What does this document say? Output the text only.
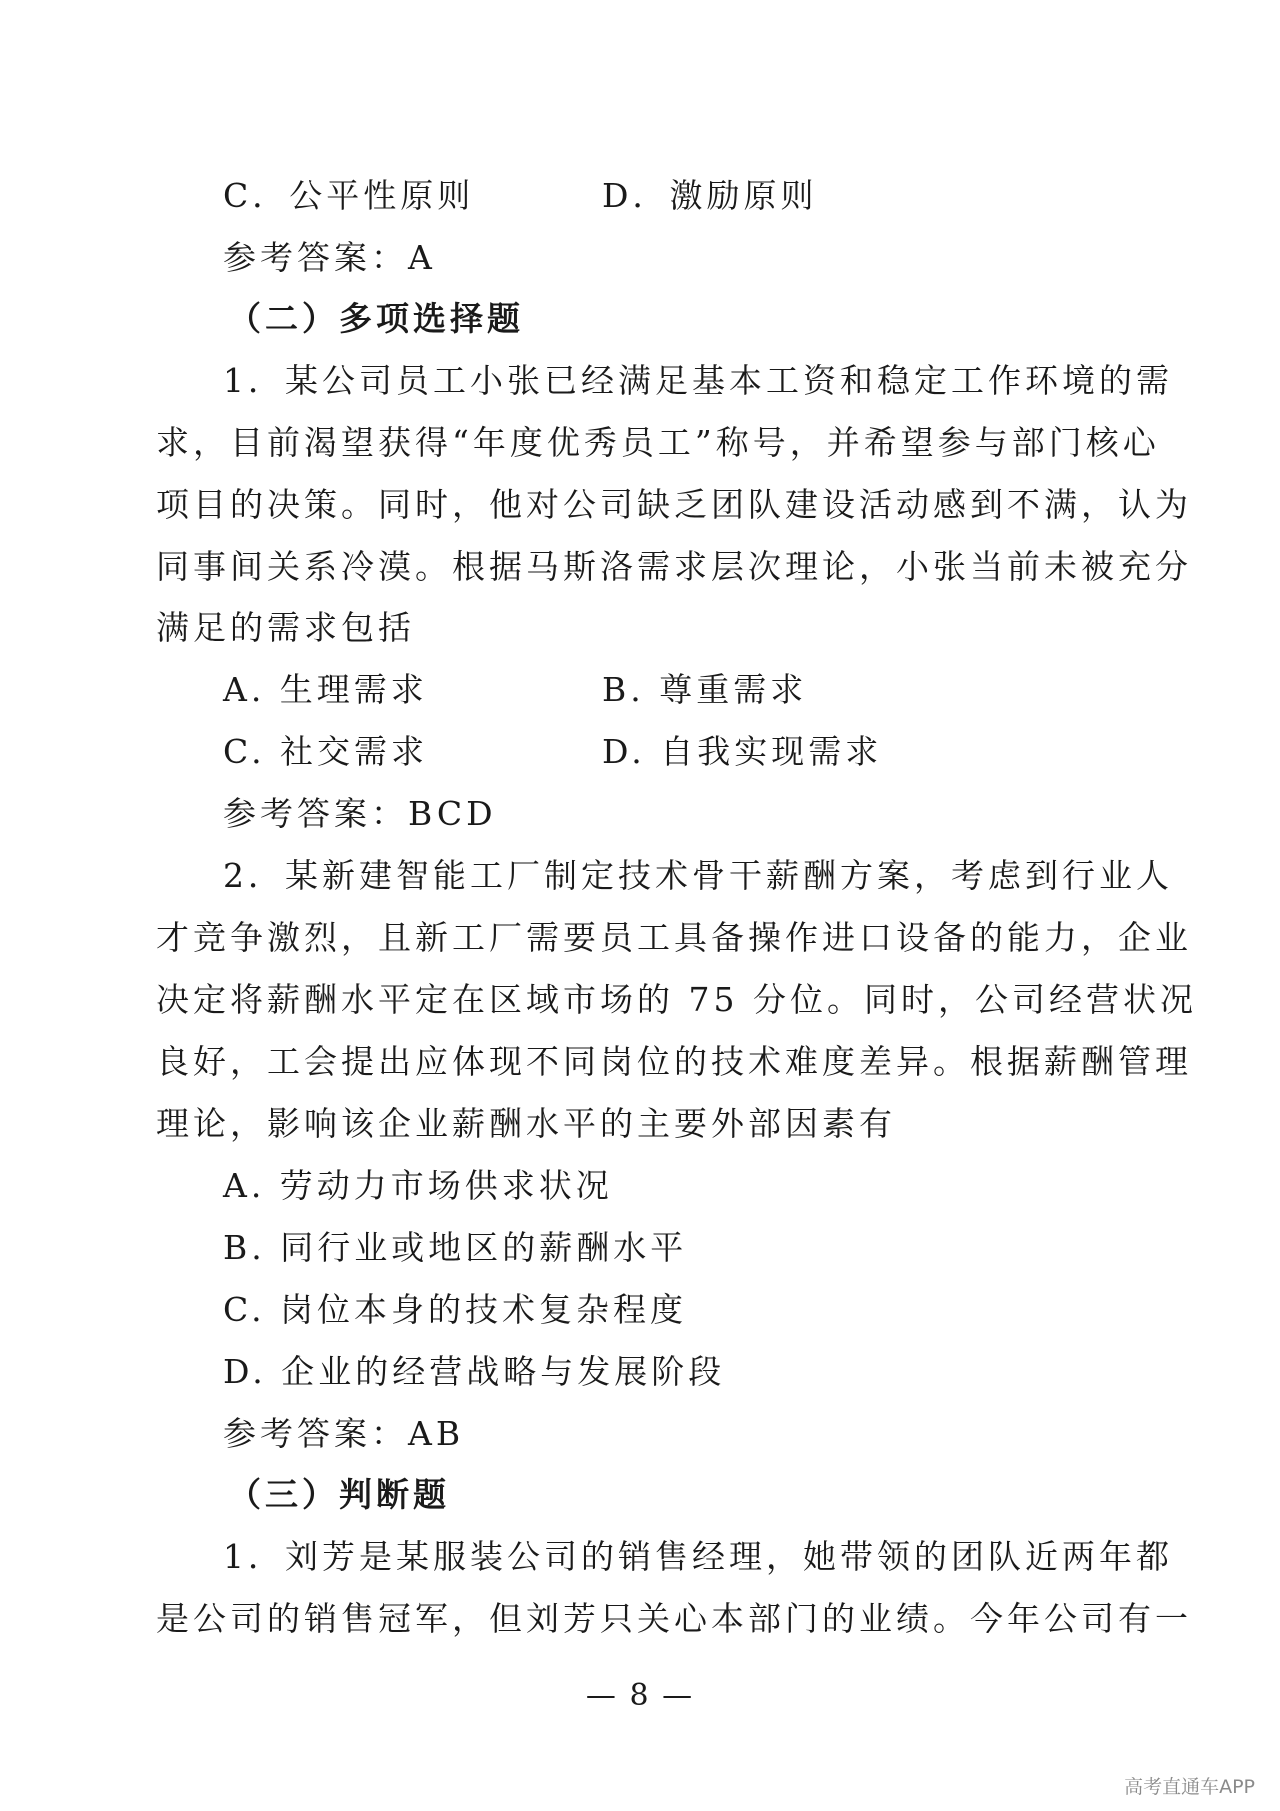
C．公平性原则	D．激励原则
参考答案：A
（二）多项选择题
1．某公司员工小张已经满足基本工资和稳定工作环境的需
求，目前渴望获得“年度优秀员工”称号，并希望参与部门核心
项目的决策。同时，他对公司缺乏团队建设活动感到不满，认为
同事间关系冷漠。根据马斯洛需求层次理论，小张当前未被充分
满足的需求包括
A. 生理需求	B. 尊重需求
C. 社交需求	D. 自我实现需求
参考答案：BCD
2．某新建智能工厂制定技术骨干薪酬方案，考虑到行业人
才竞争激烈，且新工厂需要员工具备操作进口设备的能力，企业
决定将薪酬水平定在区域市场的 75 分位。同时，公司经营状况
良好，工会提出应体现不同岗位的技术难度差异。根据薪酬管理
理论，影响该企业薪酬水平的主要外部因素有
A. 劳动力市场供求状况
B. 同行业或地区的薪酬水平
C. 岗位本身的技术复杂程度
D. 企业的经营战略与发展阶段
参考答案：AB
（三）判断题
1．刘芳是某服装公司的销售经理，她带领的团队近两年都
是公司的销售冠军，但刘芳只关心本部门的业绩。今年公司有一
— 8 —
高考直通车APP
